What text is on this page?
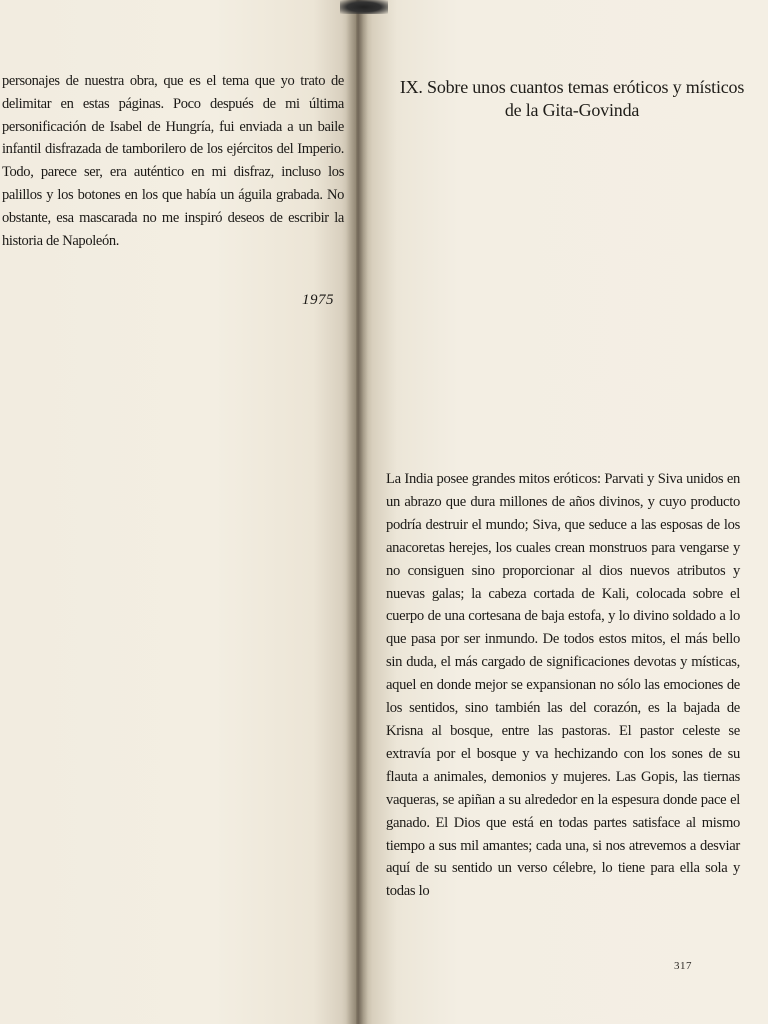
personajes de nuestra obra, que es el tema que yo trato de delimitar en estas páginas. Poco después de mi última personificación de Isabel de Hungría, fui enviada a un baile infantil disfrazada de tamborilero de los ejércitos del Imperio. Todo, parece ser, era auténtico en mi disfraz, incluso los palillos y los botones en los que había un águila grabada. No obstante, esa mascarada no me inspiró deseos de escribir la historia de Napoleón.

1975
IX. Sobre unos cuantos temas eróticos y místicos
de la Gita-Govinda

La India posee grandes mitos eróticos: Parvati y Siva unidos en un abrazo que dura millones de años divinos, y cuyo producto podría destruir el mundo; Siva, que seduce a las esposas de los anacoretas herejes, los cuales crean monstruos para vengarse y no consiguen sino proporcionar al dios nuevos atributos y nuevas galas; la cabeza cortada de Kali, colocada sobre el cuerpo de una cortesana de baja estofa, y lo divino soldado a lo que pasa por ser inmundo. De todos estos mitos, el más bello sin duda, el más cargado de significaciones devotas y místicas, aquel en donde mejor se expansionan no sólo las emociones de los sentidos, sino también las del corazón, es la bajada de Krisna al bosque, entre las pastoras. El pastor celeste se extravía por el bosque y va hechizando con los sones de su flauta a animales, demonios y mujeres. Las Gopis, las tiernas vaqueras, se apiñan a su alrededor en la espesura donde pace el ganado. El Dios que está en todas partes satisface al mismo tiempo a sus mil amantes; cada una, si nos atrevemos a desviar aquí de su sentido un verso célebre, lo tiene para ella sola y todas lo

317
